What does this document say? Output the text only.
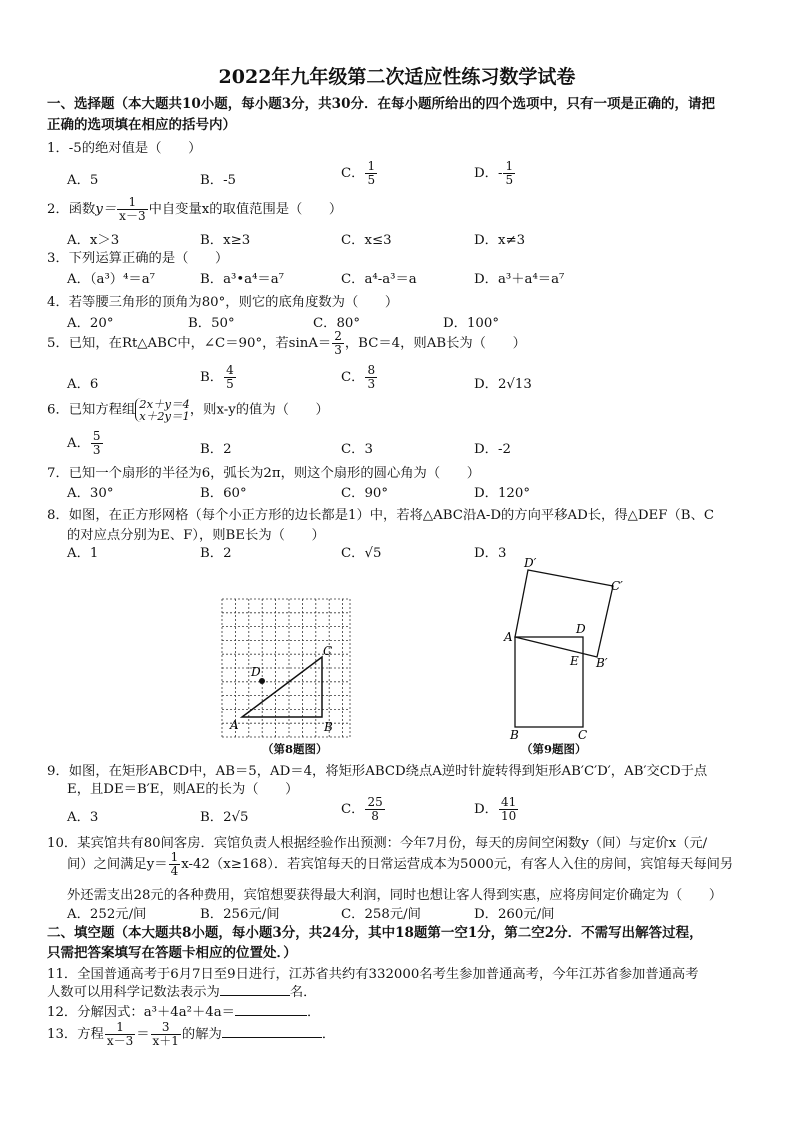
2022年九年级第二次适应性练习数学试卷
一、选择题（本大题共10小题，每小题3分，共30分．在每小题所给出的四个选项中，只有一项是正确的，请把
正确的选项填在相应的括号内）
1．-5的绝对值是（　　）
A．5	B．-5	C． $\frac{1}{5}$	D．- $\frac{1}{5}$
2．函数$y= \frac{1}{x-3}$ 中自变量x的取值范围是（　　）
A．x＞3	B．x≥3	C．x≤3	D．x≠3
3．下列运算正确的是（　　）
A．（a³）⁴＝a⁷	B．a³•a⁴＝a⁷	C．a⁴-a³＝a	D．a³＋a⁴＝a⁷
4．若等腰三角形的顶角为80°，则它的底角度数为（　　）
A．20°	B．50°	C．80°	D．100°
5．已知，在Rt△ABC中，∠C＝90°，若$\sin A= \frac{2}{3}$ ，BC＝4，则AB长为（　　）
A．6	B． $\frac{4}{5}$	C． $\frac{8}{3}$	D．2√13
6．已知方程组 2x＋y＝4
x＋2y＝1 ，则x-y的值为（　　）
A． $\frac{5}{3}$	B．2	C．3	D．-2
7．已知一个扇形的半径为6，弧长为2π，则这个扇形的圆心角为（　　）
A．30°	B．60°	C．90°	D．120°
8．如图，在正方形网格（每个小正方形的边长都是1）中，若将△ABC沿A-D的方向平移AD长，得△DEF（B、C
的对应点分别为E、F），则BE长为（　　）
A．1	B．2	C．√5	D．3
A	B
C
D
（第8题图）
A
B	C
D
E B′
C′
D′
（第9题图）
9．如图，在矩形ABCD中，AB＝5，AD＝4，将矩形ABCD绕点A逆时针旋转得到矩形AB′C′D′，AB′交CD于点
E，且DE＝B′E，则AE的长为（　　）
A．3	B．2√5
C． $\frac{25}{8}$	D． $\frac{41}{10}$
10．某宾馆共有80间客房．宾馆负责人根据经验作出预测：今年7月份，每天的房间空闲数y（间）与定价x（元/
间）之间满足$y= \frac{1}{4} x-42(x\ge 168)$．若宾馆每天的日常运营成本为5000元，有客人入住的房间，宾馆每天每间另
外还需支出28元的各种费用，宾馆想要获得最大利润，同时也想让客人得到实惠，应将房间定价确定为（　　）
A．252元/间	B．256元/间	C．258元/间	D．260元/间
二、填空题（本大题共8小题，每小题3分，共24分，其中18题第一空1分，第二空2分．不需写出解答过程，
只需把答案填写在答题卡相应的位置处．）
11．全国普通高考于6月7日至9日进行，江苏省共约有332000名考生参加普通高考，今年江苏省参加普通高考
人数可以用科学记数法表示为	名．
12．分解因式：a³＋4a²＋4a＝	．
13．方程 $\frac{1}{x-3} = \frac{3}{x+1}$ 的解为	．
